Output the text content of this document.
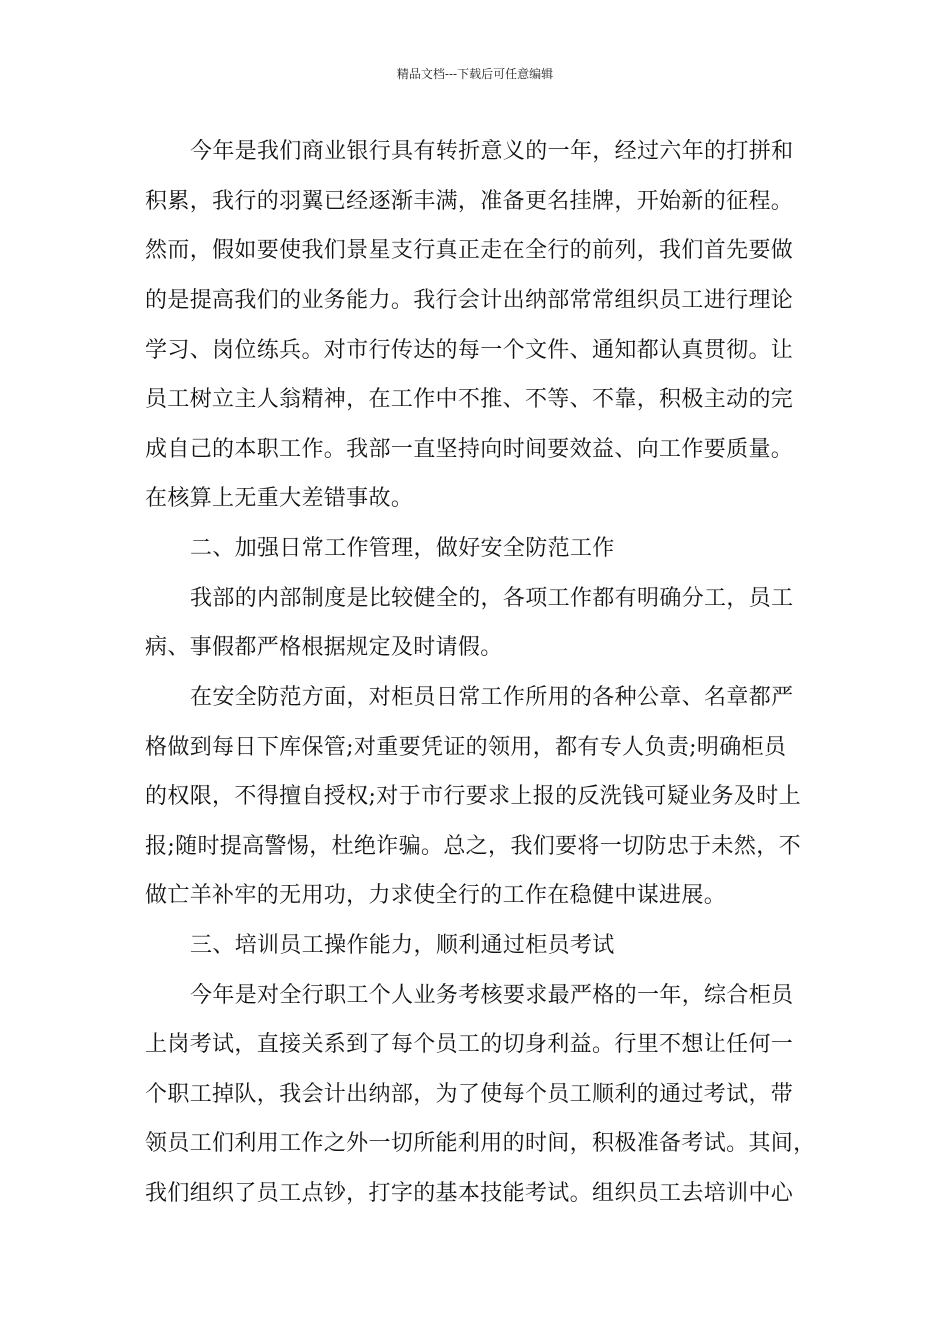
精品文档---下载后可任意编辑
今年是我们商业银行具有转折意义的一年，经过六年的打拼和
积累，我行的羽翼已经逐渐丰满，准备更名挂牌，开始新的征程。
然而，假如要使我们景星支行真正走在全行的前列，我们首先要做
的是提高我们的业务能力。我行会计出纳部常常组织员工进行理论
学习、岗位练兵。对市行传达的每一个文件、通知都认真贯彻。让
员工树立主人翁精神，在工作中不推、不等、不靠，积极主动的完
成自己的本职工作。我部一直坚持向时间要效益、向工作要质量。
在核算上无重大差错事故。
二、加强日常工作管理，做好安全防范工作
我部的内部制度是比较健全的，各项工作都有明确分工，员工
病、事假都严格根据规定及时请假。
在安全防范方面，对柜员日常工作所用的各种公章、名章都严
格做到每日下库保管;对重要凭证的领用，都有专人负责;明确柜员
的权限，不得擅自授权;对于市行要求上报的反洗钱可疑业务及时上
报;随时提高警惕，杜绝诈骗。总之，我们要将一切防忠于未然，不
做亡羊补牢的无用功，力求使全行的工作在稳健中谋进展。
三、培训员工操作能力，顺利通过柜员考试
今年是对全行职工个人业务考核要求最严格的一年，综合柜员
上岗考试，直接关系到了每个员工的切身利益。行里不想让任何一
个职工掉队，我会计出纳部，为了使每个员工顺利的通过考试，带
领员工们利用工作之外一切所能利用的时间，积极准备考试。其间，
我们组织了员工点钞，打字的基本技能考试。组织员工去培训中心
